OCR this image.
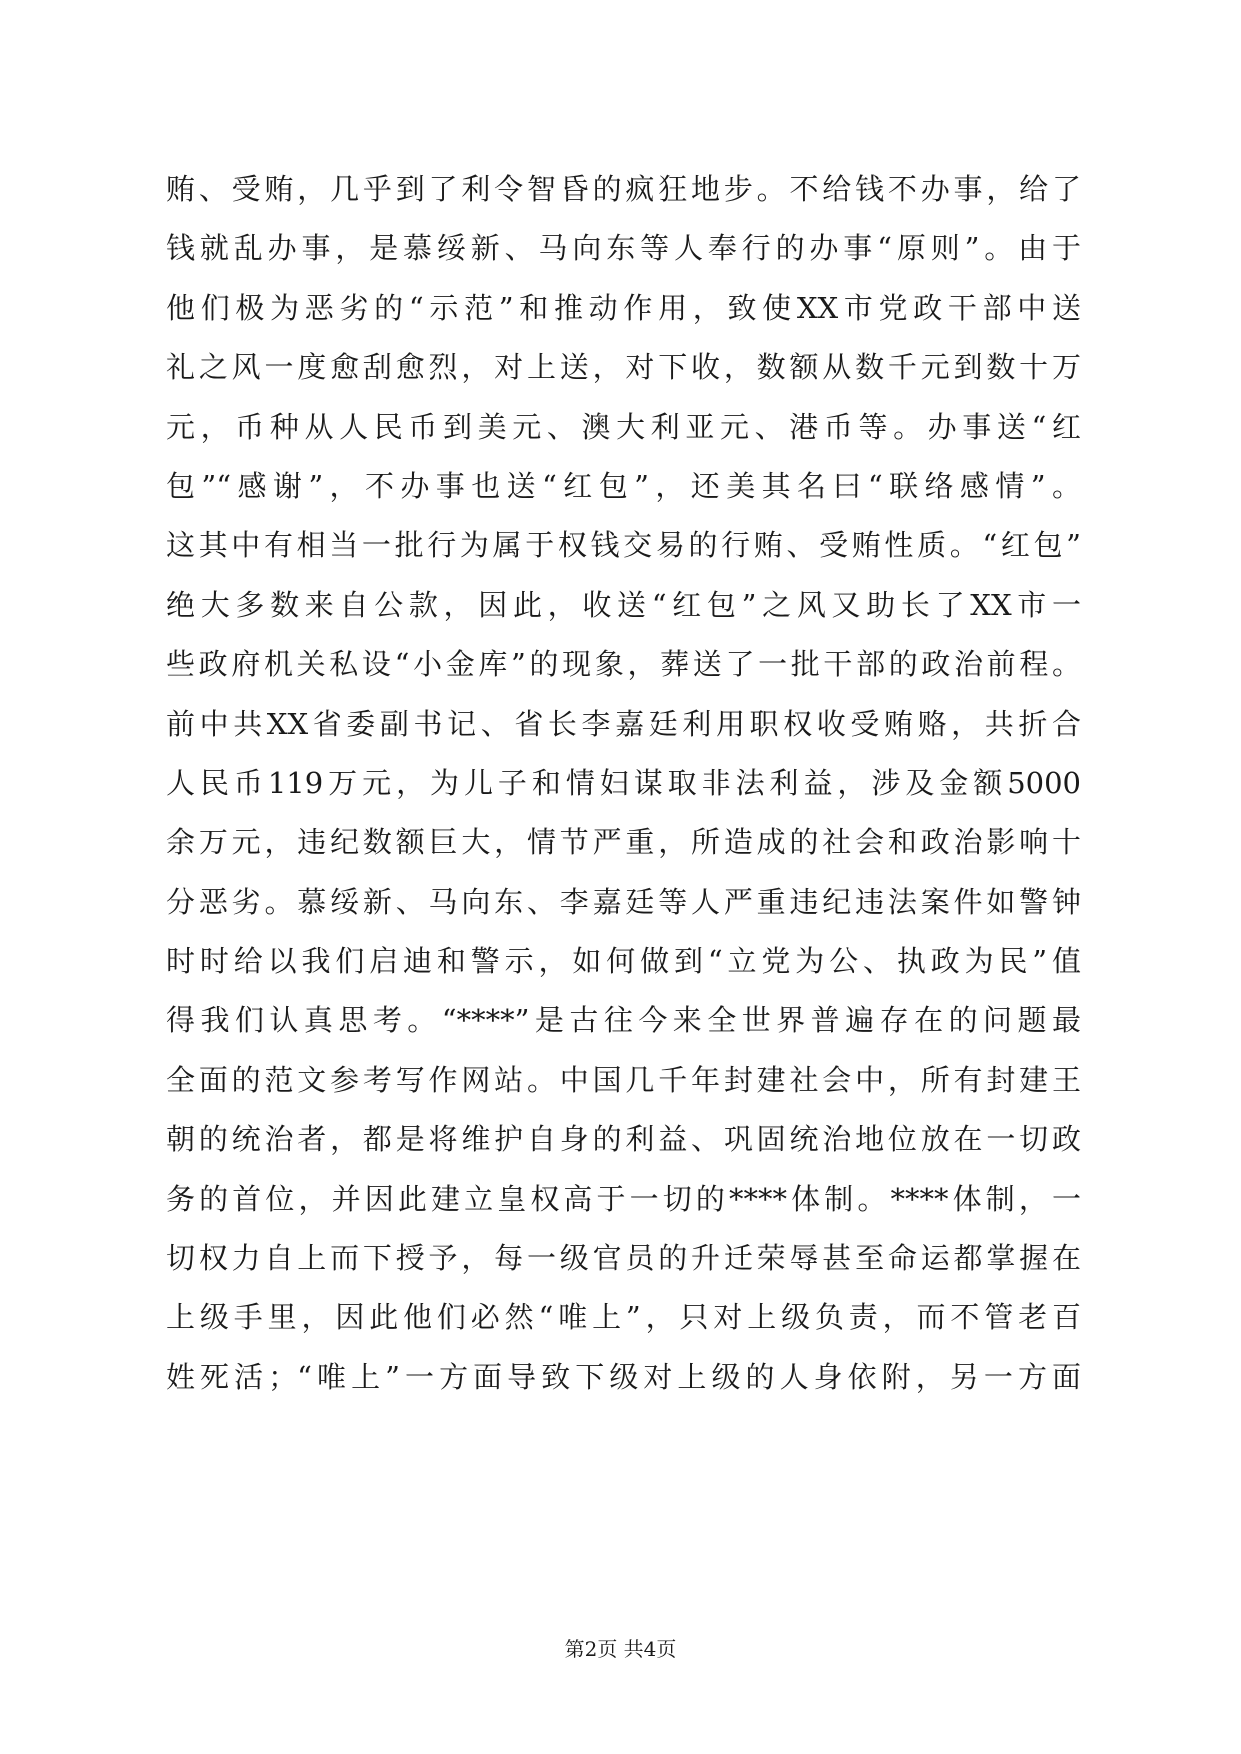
贿、受贿，几乎到了利令智昏的疯狂地步。不给钱不办事，给了
钱就乱办事，是慕绥新、马向东等人奉行的办事“原则”。由于
他们极为恶劣的“示范”和推动作用，致使XX市党政干部中送
礼之风一度愈刮愈烈，对上送，对下收，数额从数千元到数十万
元，币种从人民币到美元、澳大利亚元、港币等。办事送“红
包”“感谢”，不办事也送“红包”，还美其名曰“联络感情”。
这其中有相当一批行为属于权钱交易的行贿、受贿性质。“红包”
绝大多数来自公款，因此，收送“红包”之风又助长了XX市一
些政府机关私设“小金库”的现象，葬送了一批干部的政治前程。
前中共XX省委副书记、省长李嘉廷利用职权收受贿赂，共折合
人民币119万元，为儿子和情妇谋取非法利益，涉及金额5000
余万元，违纪数额巨大，情节严重，所造成的社会和政治影响十
分恶劣。慕绥新、马向东、李嘉廷等人严重违纪违法案件如警钟
时时给以我们启迪和警示，如何做到“立党为公、执政为民”值
得我们认真思考。“****”是古往今来全世界普遍存在的问题最
全面的范文参考写作网站。中国几千年封建社会中，所有封建王
朝的统治者，都是将维护自身的利益、巩固统治地位放在一切政
务的首位，并因此建立皇权高于一切的****体制。****体制，一
切权力自上而下授予，每一级官员的升迁荣辱甚至命运都掌握在
上级手里，因此他们必然“唯上”，只对上级负责，而不管老百
姓死活；“唯上”一方面导致下级对上级的人身依附，另一方面
第2页 共4页
